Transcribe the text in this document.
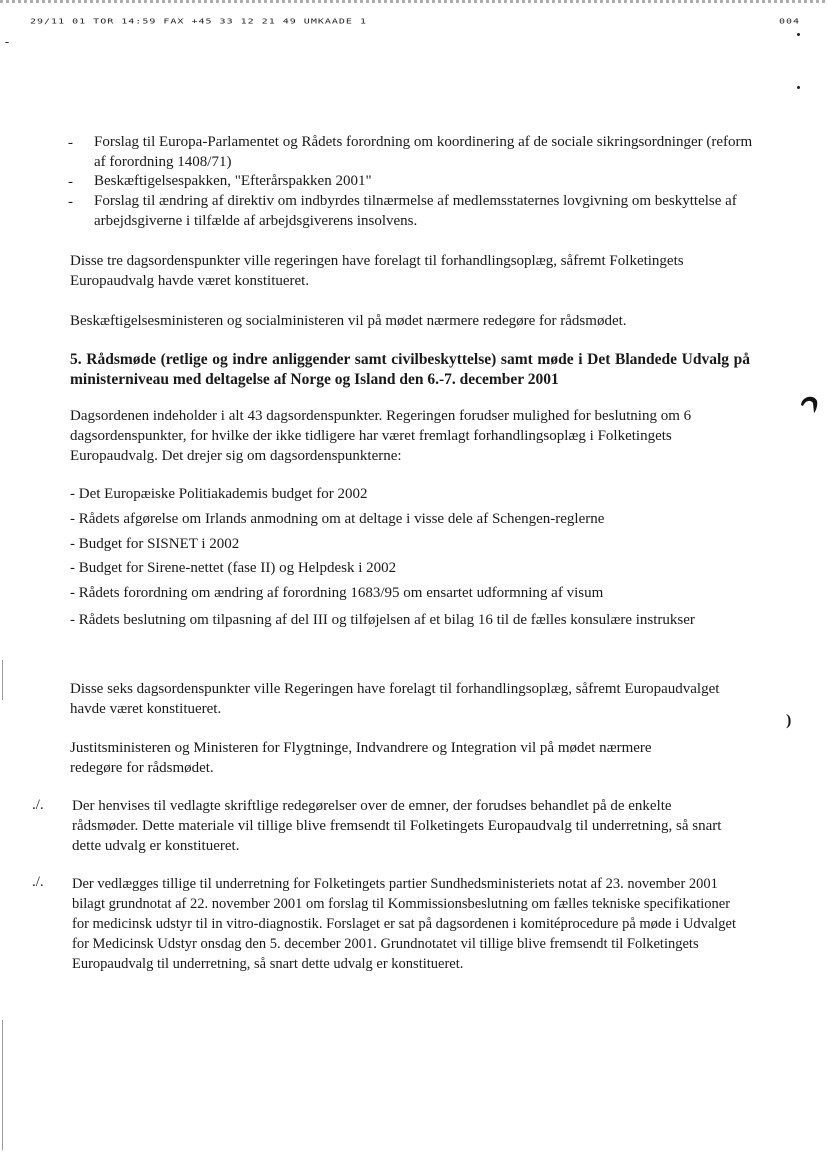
29/11 01 TOR 14:59 FAX +45 33 12 21 49 UMKAADE 1	004
- Forslag til Europa-Parlamentet og Rådets forordning om koordinering af de sociale sikringsordninger (reform af forordning 1408/71)
- Beskæftigelsespakken, "Efterårspakken 2001"
- Forslag til ændring af direktiv om indbyrdes tilnærmelse af medlemsstaternes lovgivning om beskyttelse af arbejdsgiverne i tilfælde af arbejdsgiverens insolvens.
Disse tre dagsordenspunkter ville regeringen have forelagt til forhandlingsoplæg, såfremt Folketingets Europaudvalg havde været konstitueret.
Beskæftigelsesministeren og socialministeren vil på mødet nærmere redegøre for rådsmødet.
5. Rådsmøde (retlige og indre anliggender samt civilbeskyttelse) samt møde i Det Blandede Udvalg på ministerniveau med deltagelse af Norge og Island den 6.-7. december 2001
Dagsordenen indeholder i alt 43 dagsordenspunkter. Regeringen forudser mulighed for beslutning om 6 dagsordenspunkter, for hvilke der ikke tidligere har været fremlagt forhandlingsoplæg i Folketingets Europaudvalg. Det drejer sig om dagsordenspunkterne:
- Det Europæiske Politiakademis budget for 2002
- Rådets afgørelse om Irlands anmodning om at deltage i visse dele af Schengen-reglerne
- Budget for SISNET i 2002
- Budget for Sirene-nettet (fase II) og Helpdesk i 2002
- Rådets forordning om ændring af forordning 1683/95 om ensartet udformning af visum
- Rådets beslutning om tilpasning af del III og tilføjelsen af et bilag 16 til de fælles konsulære instrukser
Disse seks dagsordenspunkter ville Regeringen have forelagt til forhandlingsoplæg, såfremt Europaudvalget havde været konstitueret.
Justitsministeren og Ministeren for Flygtninge, Indvandrere og Integration vil på mødet nærmere redegøre for rådsmødet.
./. Der henvises til vedlagte skriftlige redegørelser over de emner, der forudses behandlet på de enkelte rådsmøder. Dette materiale vil tillige blive fremsendt til Folketingets Europaudvalg til underretning, så snart dette udvalg er konstitueret.
./. Der vedlægges tillige til underretning for Folketingets partier Sundhedsministeriets notat af 23. november 2001 bilagt grundnotat af 22. november 2001 om forslag til Kommissionsbeslutning om fælles tekniske specifikationer for medicinsk udstyr til in vitro-diagnostik. Forslaget er sat på dagsordenen i komitéprocedure på møde i Udvalget for Medicinsk Udstyr onsdag den 5. december 2001. Grundnotatet vil tillige blive fremsendt til Folketingets Europaudvalg til underretning, så snart dette udvalg er konstitueret.
)
